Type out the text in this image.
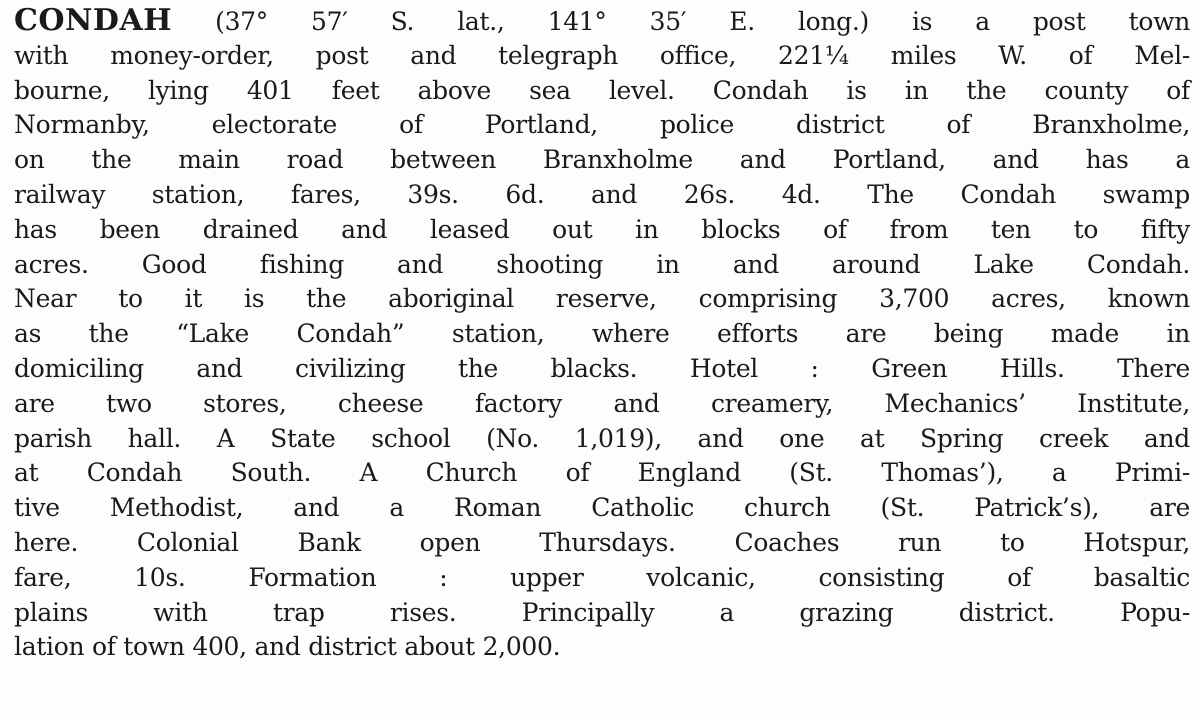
CONDAH (37° 57′ S. lat., 141° 35′ E. long.) is a post town
with money-order, post and telegraph office, 221¼ miles W. of Mel-
bourne, lying 401 feet above sea level. Condah is in the county of
Normanby, electorate of Portland, police district of Branxholme,
on the main road between Branxholme and Portland, and has a
railway station, fares, 39s. 6d. and 26s. 4d. The Condah swamp
has been drained and leased out in blocks of from ten to fifty
acres. Good fishing and shooting in and around Lake Condah.
Near to it is the aboriginal reserve, comprising 3,700 acres, known
as the “Lake Condah” station, where efforts are being made in
domiciling and civilizing the blacks. Hotel : Green Hills. There
are two stores, cheese factory and creamery, Mechanics’ Institute,
parish hall. A State school (No. 1,019), and one at Spring creek and
at Condah South. A Church of England (St. Thomas’), a Primi-
tive Methodist, and a Roman Catholic church (St. Patrick’s), are
here. Colonial Bank open Thursdays. Coaches run to Hotspur,
fare, 10s. Formation : upper volcanic, consisting of basaltic
plains with trap rises. Principally a grazing district. Popu-
lation of town 400, and district about 2,000.
